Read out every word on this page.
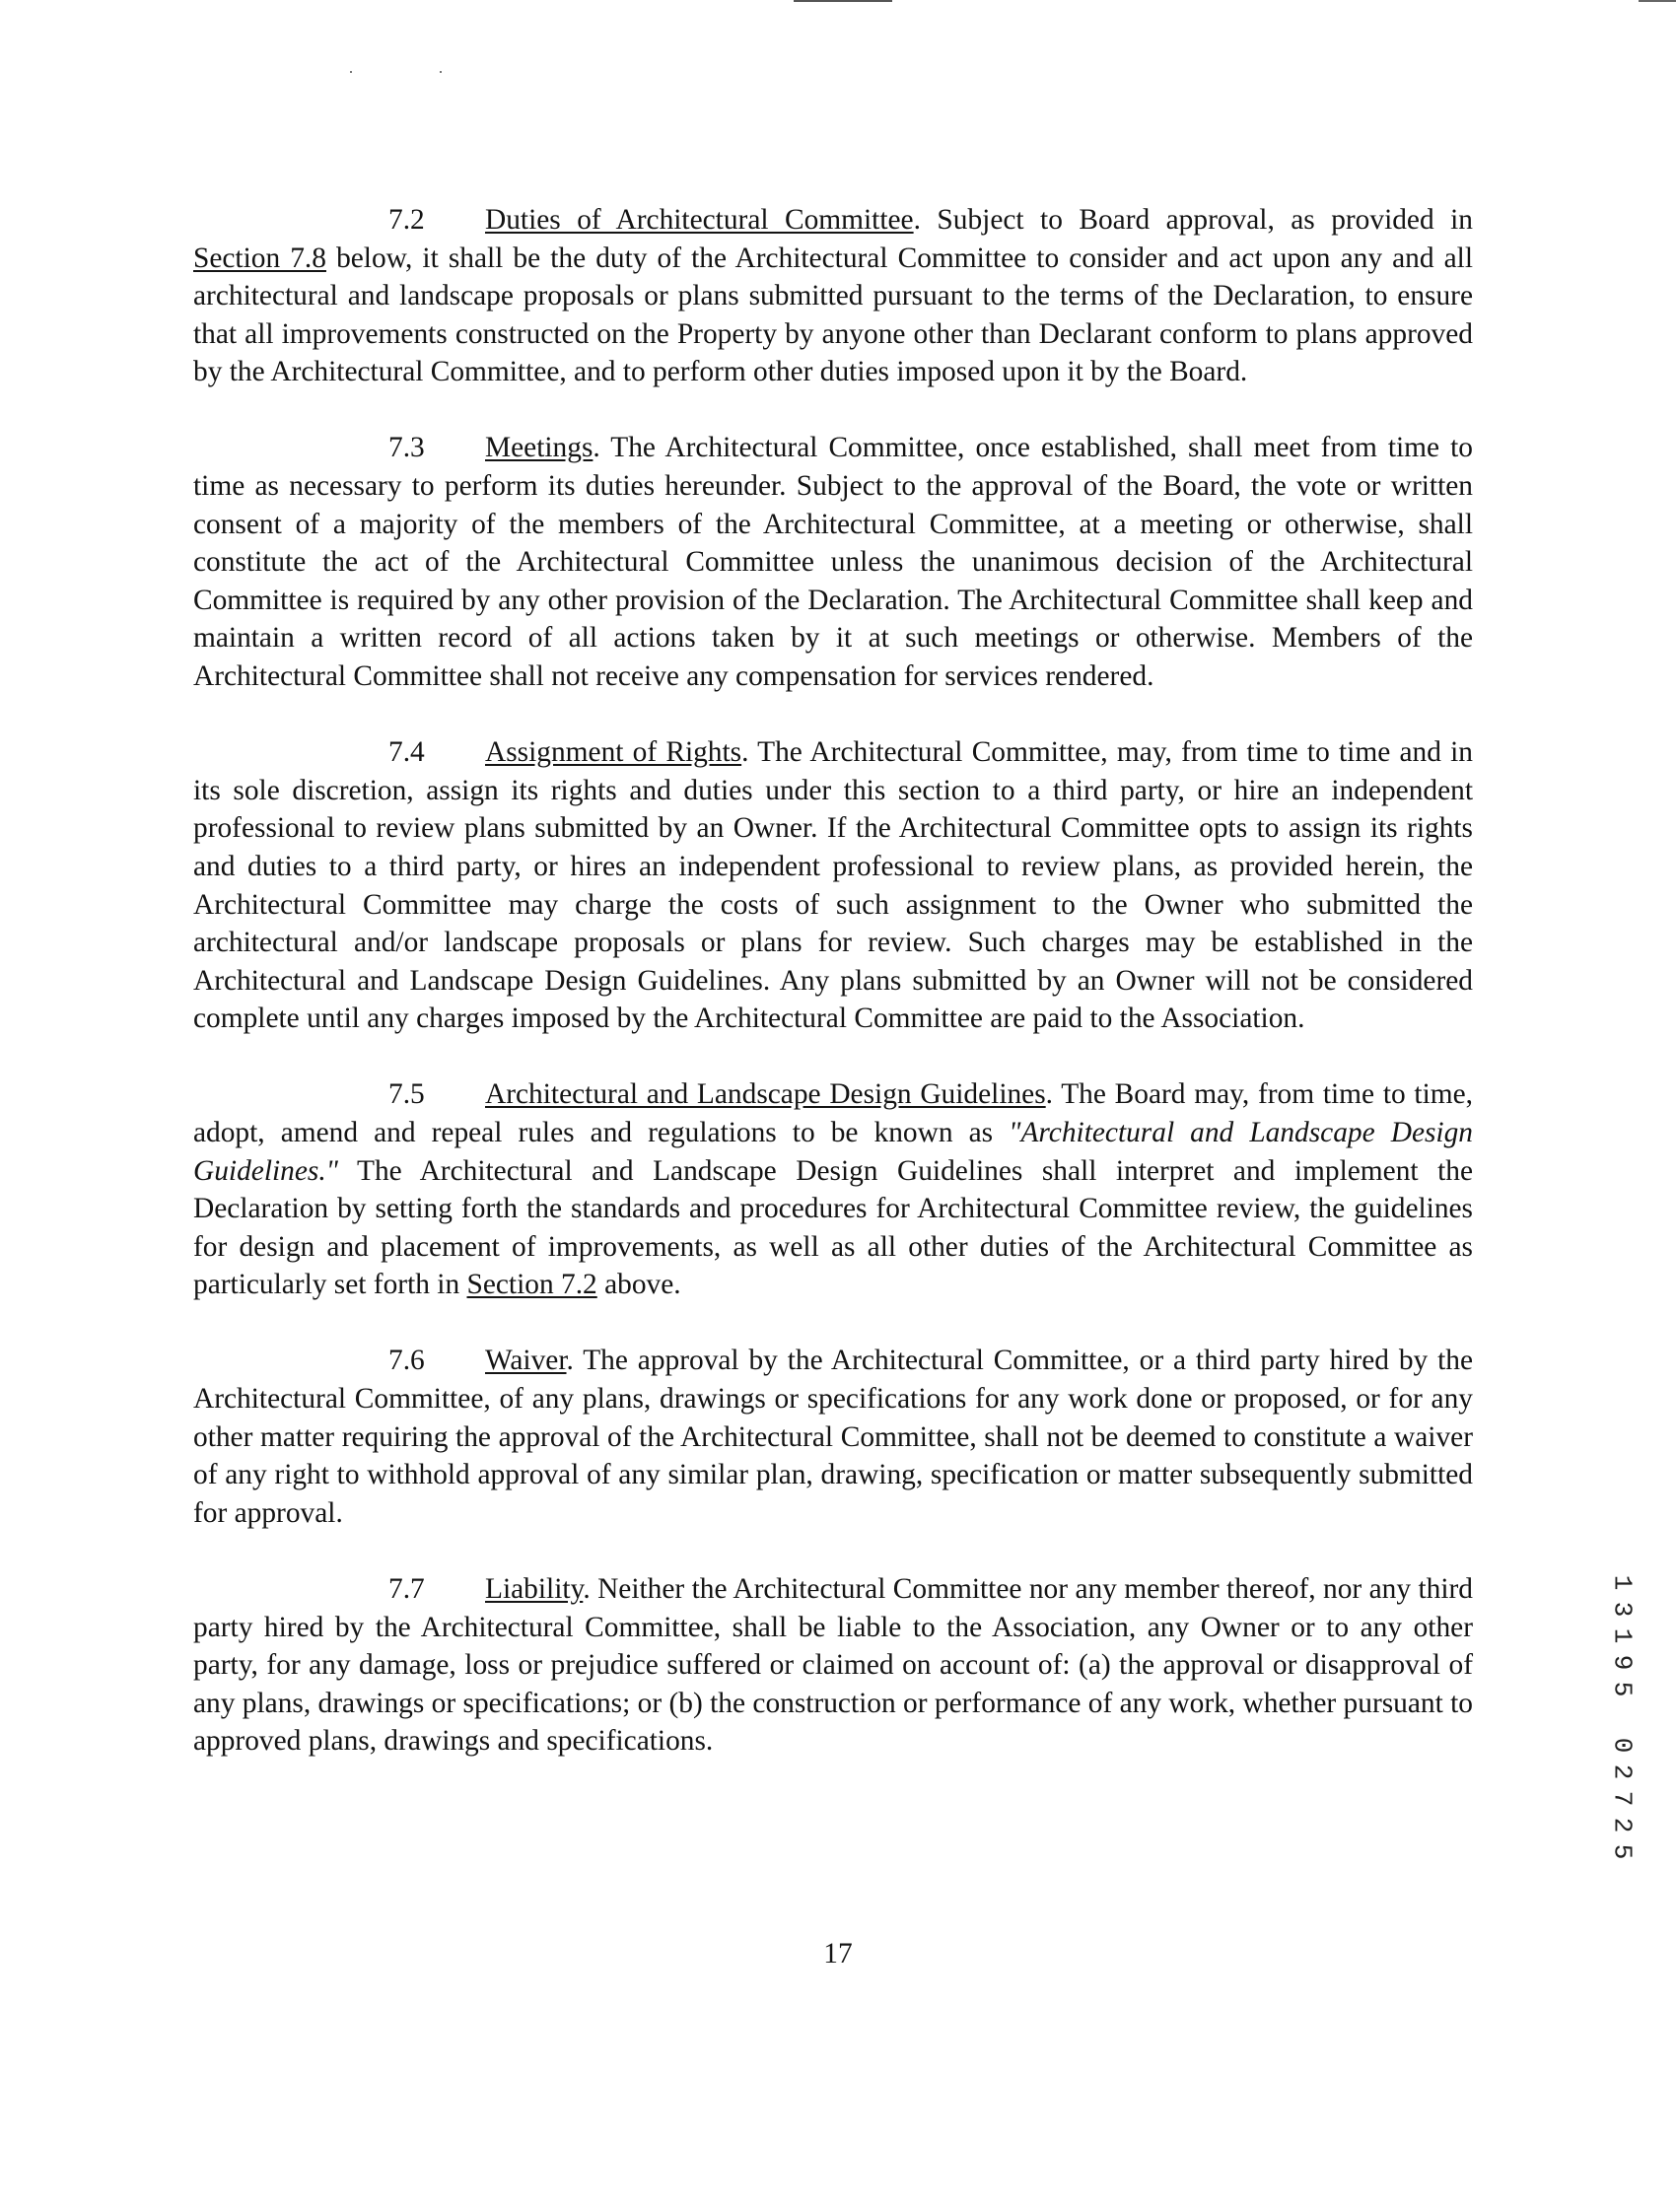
7.2 Duties of Architectural Committee. Subject to Board approval, as provided in Section 7.8 below, it shall be the duty of the Architectural Committee to consider and act upon any and all architectural and landscape proposals or plans submitted pursuant to the terms of the Declaration, to ensure that all improvements constructed on the Property by anyone other than Declarant conform to plans approved by the Architectural Committee, and to perform other duties imposed upon it by the Board.

7.3 Meetings. The Architectural Committee, once established, shall meet from time to time as necessary to perform its duties hereunder. Subject to the approval of the Board, the vote or written consent of a majority of the members of the Architectural Committee, at a meeting or otherwise, shall constitute the act of the Architectural Committee unless the unanimous decision of the Architectural Committee is required by any other provision of the Declaration. The Architectural Committee shall keep and maintain a written record of all actions taken by it at such meetings or otherwise. Members of the Architectural Committee shall not receive any compensation for services rendered.

7.4 Assignment of Rights. The Architectural Committee, may, from time to time and in its sole discretion, assign its rights and duties under this section to a third party, or hire an independent professional to review plans submitted by an Owner. If the Architectural Committee opts to assign its rights and duties to a third party, or hires an independent professional to review plans, as provided herein, the Architectural Committee may charge the costs of such assignment to the Owner who submitted the architectural and/or landscape proposals or plans for review. Such charges may be established in the Architectural and Landscape Design Guidelines. Any plans submitted by an Owner will not be considered complete until any charges imposed by the Architectural Committee are paid to the Association.

7.5 Architectural and Landscape Design Guidelines. The Board may, from time to time, adopt, amend and repeal rules and regulations to be known as "Architectural and Landscape Design Guidelines." The Architectural and Landscape Design Guidelines shall interpret and implement the Declaration by setting forth the standards and procedures for Architectural Committee review, the guidelines for design and placement of improvements, as well as all other duties of the Architectural Committee as particularly set forth in Section 7.2 above.

7.6 Waiver. The approval by the Architectural Committee, or a third party hired by the Architectural Committee, of any plans, drawings or specifications for any work done or proposed, or for any other matter requiring the approval of the Architectural Committee, shall not be deemed to constitute a waiver of any right to withhold approval of any similar plan, drawing, specification or matter subsequently submitted for approval.

7.7 Liability. Neither the Architectural Committee nor any member thereof, nor any third party hired by the Architectural Committee, shall be liable to the Association, any Owner or to any other party, for any damage, loss or prejudice suffered or claimed on account of: (a) the approval or disapproval of any plans, drawings or specifications; or (b) the construction or performance of any work, whether pursuant to approved plans, drawings and specifications.

17
1
3
1
9
5
0
2
7
2
5
